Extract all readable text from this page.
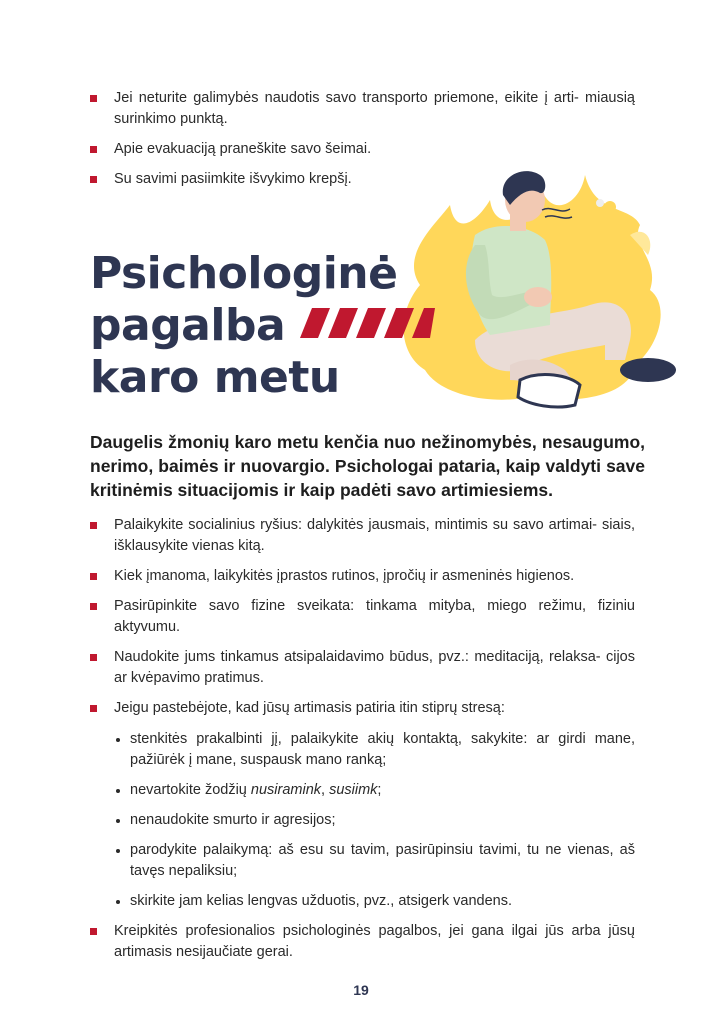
Jei neturite galimybės naudotis savo transporto priemone, eikite į arti- miausią surinkimo punktą.
Apie evakuaciją praneškite savo šeimai.
Su savimi pasiimkite išvykimo krepšį.
Psichologinė
pagalba
karo metu

Daugelis žmonių karo metu kenčia nuo nežinomybės, nesaugumo, nerimo, baimės ir nuovargio. Psichologai pataria, kaip valdyti save kritinėmis situacijomis ir kaip padėti savo artimiesiems.

Palaikykite socialinius ryšius: dalykitės jausmais, mintimis su savo artimai- siais, išklausykite vienas kitą.
Kiek įmanoma, laikykitės įprastos rutinos, įpročių ir asmeninės higienos.
Pasirūpinkite savo fizine sveikata: tinkama mityba, miego režimu, fiziniu aktyvumu.
Naudokite jums tinkamus atsipalaidavimo būdus, pvz.: meditaciją, relaksa- cijos ar kvėpavimo pratimus.
Jeigu pastebėjote, kad jūsų artimasis patiria itin stiprų stresą:
stenkitės prakalbinti jį, palaikykite akių kontaktą, sakykite: ar girdi mane, pažiūrėk į mane, suspausk mano ranką;
nevartokite žodžių nusiramink, susiimk;
nenaudokite smurto ir agresijos;
parodykite palaikymą: aš esu su tavim, pasirūpinsiu tavimi, tu ne vienas, aš tavęs nepaliksiu;
skirkite jam kelias lengvas užduotis, pvz., atsigerk vandens.
Kreipkitės profesionalios psichologinės pagalbos, jei gana ilgai jūs arba jūsų artimasis nesijaučiate gerai.
19
